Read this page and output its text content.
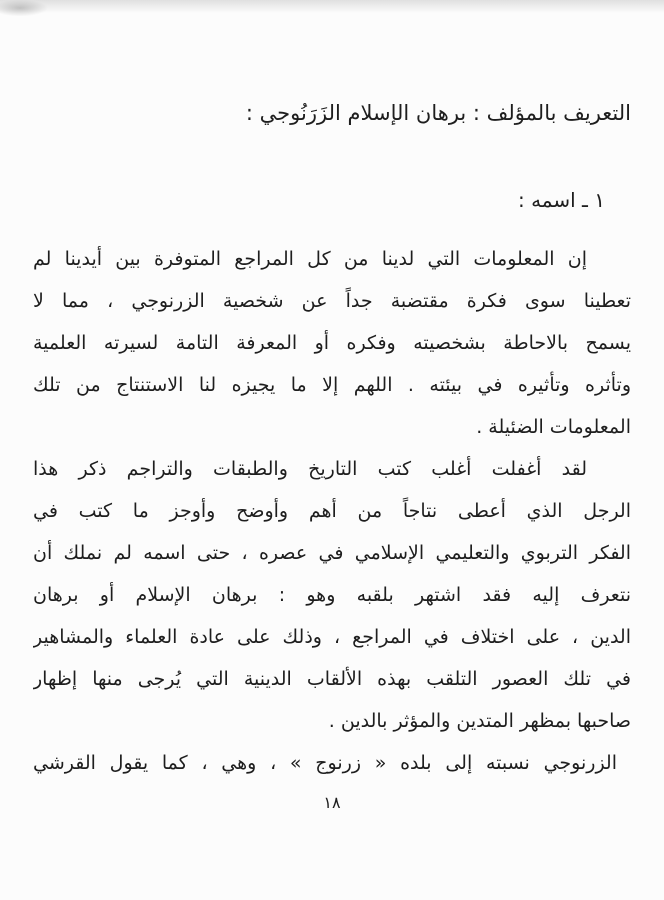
التعريف بالمؤلف : برهان الإسلام الزَرَنُوجي :
١ ـ اسمه :
إن المعلومات التي لدينا من كل المراجع المتوفرة بين أيدينا لم
تعطينا سوى فكرة مقتضبة جداً عن شخصية الزرنوجي ، مما لا
يسمح بالاحاطة بشخصيته وفكره أو المعرفة التامة لسيرته العلمية
وتأثره وتأثيره في بيئته . اللهم إلا ما يجيزه لنا الاستنتاج من تلك
المعلومات الضئيلة .
لقد أغفلت أغلب كتب التاريخ والطبقات والتراجم ذكر هذا
الرجل الذي أعطى نتاجاً من أهم وأوضح وأوجز ما كتب في
الفكر التربوي والتعليمي الإسلامي في عصره ، حتى اسمه لم نملك أن
نتعرف إليه فقد اشتهر بلقبه وهو : برهان الإسلام أو برهان
الدين ، على اختلاف في المراجع ، وذلك على عادة العلماء والمشاهير
في تلك العصور التلقب بهذه الألقاب الدينية التي يُرجى منها إظهار
صاحبها بمظهر المتدين والمؤثر بالدين .
الزرنوجي نسبته إلى بلده « زرنوج » ، وهي ، كما يقول القرشي
١٨
